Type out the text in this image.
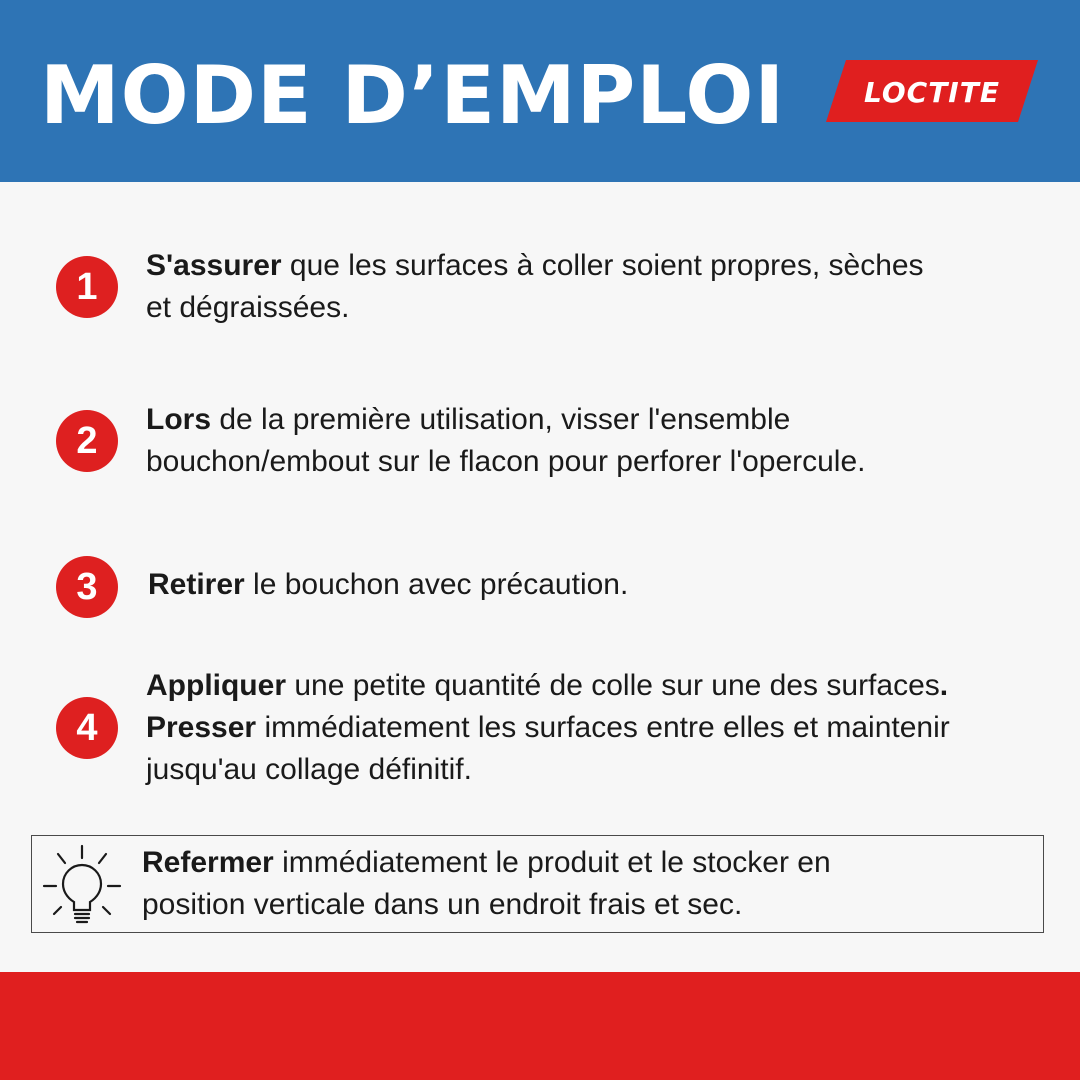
MODE D’EMPLOI	LOCTITE
1
S'assurer que les surfaces à coller soient propres, sèches
et dégraissées.
2
Lors de la première utilisation, visser l'ensemble
bouchon/embout sur le flacon pour perforer l'opercule.
3	Retirer le bouchon avec précaution.
4
Appliquer une petite quantité de colle sur une des surfaces.
Presser immédiatement les surfaces entre elles et maintenir
jusqu'au collage définitif.
Refermer immédiatement le produit et le stocker en
position verticale dans un endroit frais et sec.
